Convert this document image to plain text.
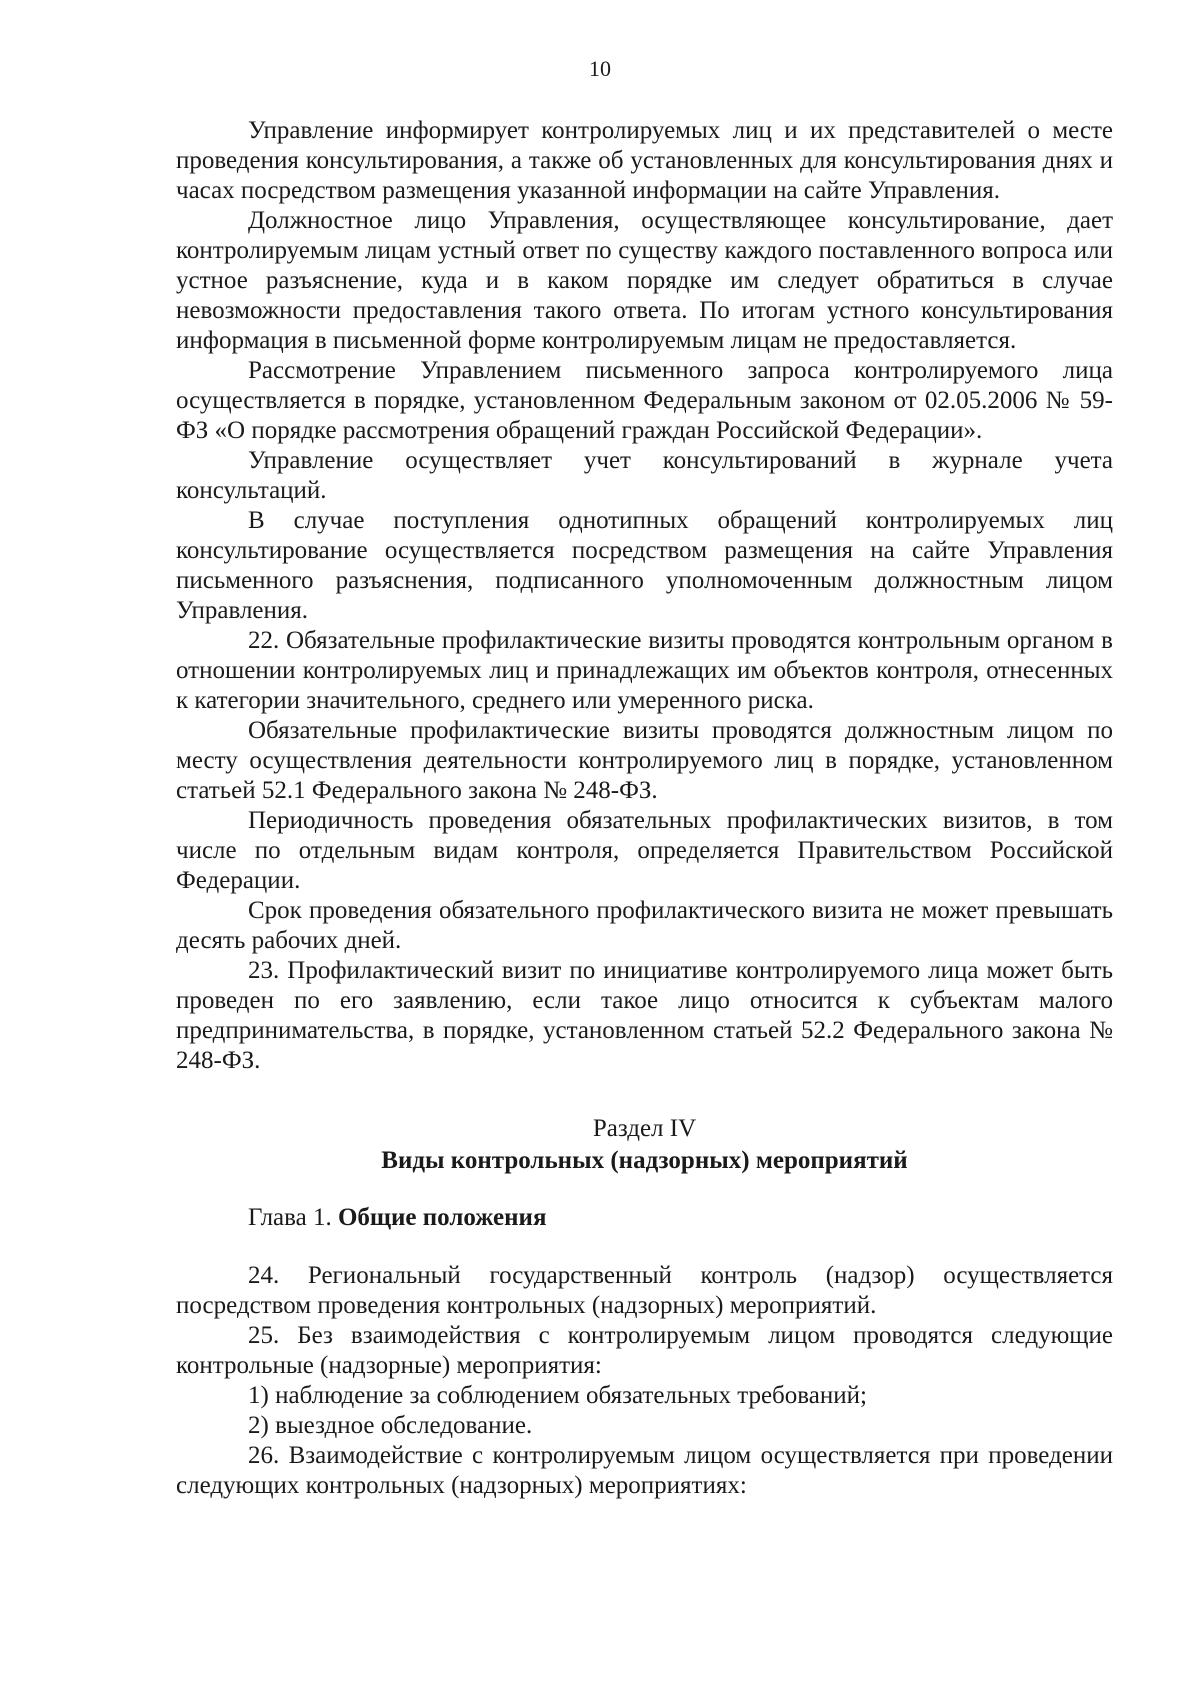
10

Управление информирует контролируемых лиц и их представителей о месте проведения консультирования, а также об установленных для консультирования днях и часах посредством размещения указанной информации на сайте Управления.

Должностное лицо Управления, осуществляющее консультирование, дает контролируемым лицам устный ответ по существу каждого поставленного вопроса или устное разъяснение, куда и в каком порядке им следует обратиться в случае невозможности предоставления такого ответа. По итогам устного консультирования информация в письменной форме контролируемым лицам не предоставляется.

Рассмотрение Управлением письменного запроса контролируемого лица осуществляется в порядке, установленном Федеральным законом от 02.05.2006 № 59-ФЗ «О порядке рассмотрения обращений граждан Российской Федерации».

Управление осуществляет учет консультирований в журнале учета консультаций.

В случае поступления однотипных обращений контролируемых лиц консультирование осуществляется посредством размещения на сайте Управления письменного разъяснения, подписанного уполномоченным должностным лицом Управления.

22. Обязательные профилактические визиты проводятся контрольным органом в отношении контролируемых лиц и принадлежащих им объектов контроля, отнесенных к категории значительного, среднего или умеренного риска.

Обязательные профилактические визиты проводятся должностным лицом по месту осуществления деятельности контролируемого лиц в порядке, установленном статьей 52.1 Федерального закона № 248-ФЗ.

Периодичность проведения обязательных профилактических визитов, в том числе по отдельным видам контроля, определяется Правительством Российской Федерации.

Срок проведения обязательного профилактического визита не может превышать десять рабочих дней.

23. Профилактический визит по инициативе контролируемого лица может быть проведен по его заявлению, если такое лицо относится к субъектам малого предпринимательства, в порядке, установленном статьей 52.2 Федерального закона № 248-ФЗ.

Раздел IV
Виды контрольных (надзорных) мероприятий
Глава 1. Общие положения

24. Региональный государственный контроль (надзор) осуществляется посредством проведения контрольных (надзорных) мероприятий.

25. Без взаимодействия с контролируемым лицом проводятся следующие контрольные (надзорные) мероприятия:

1) наблюдение за соблюдением обязательных требований;

2) выездное обследование.

26. Взаимодействие с контролируемым лицом осуществляется при проведении следующих контрольных (надзорных) мероприятиях:
